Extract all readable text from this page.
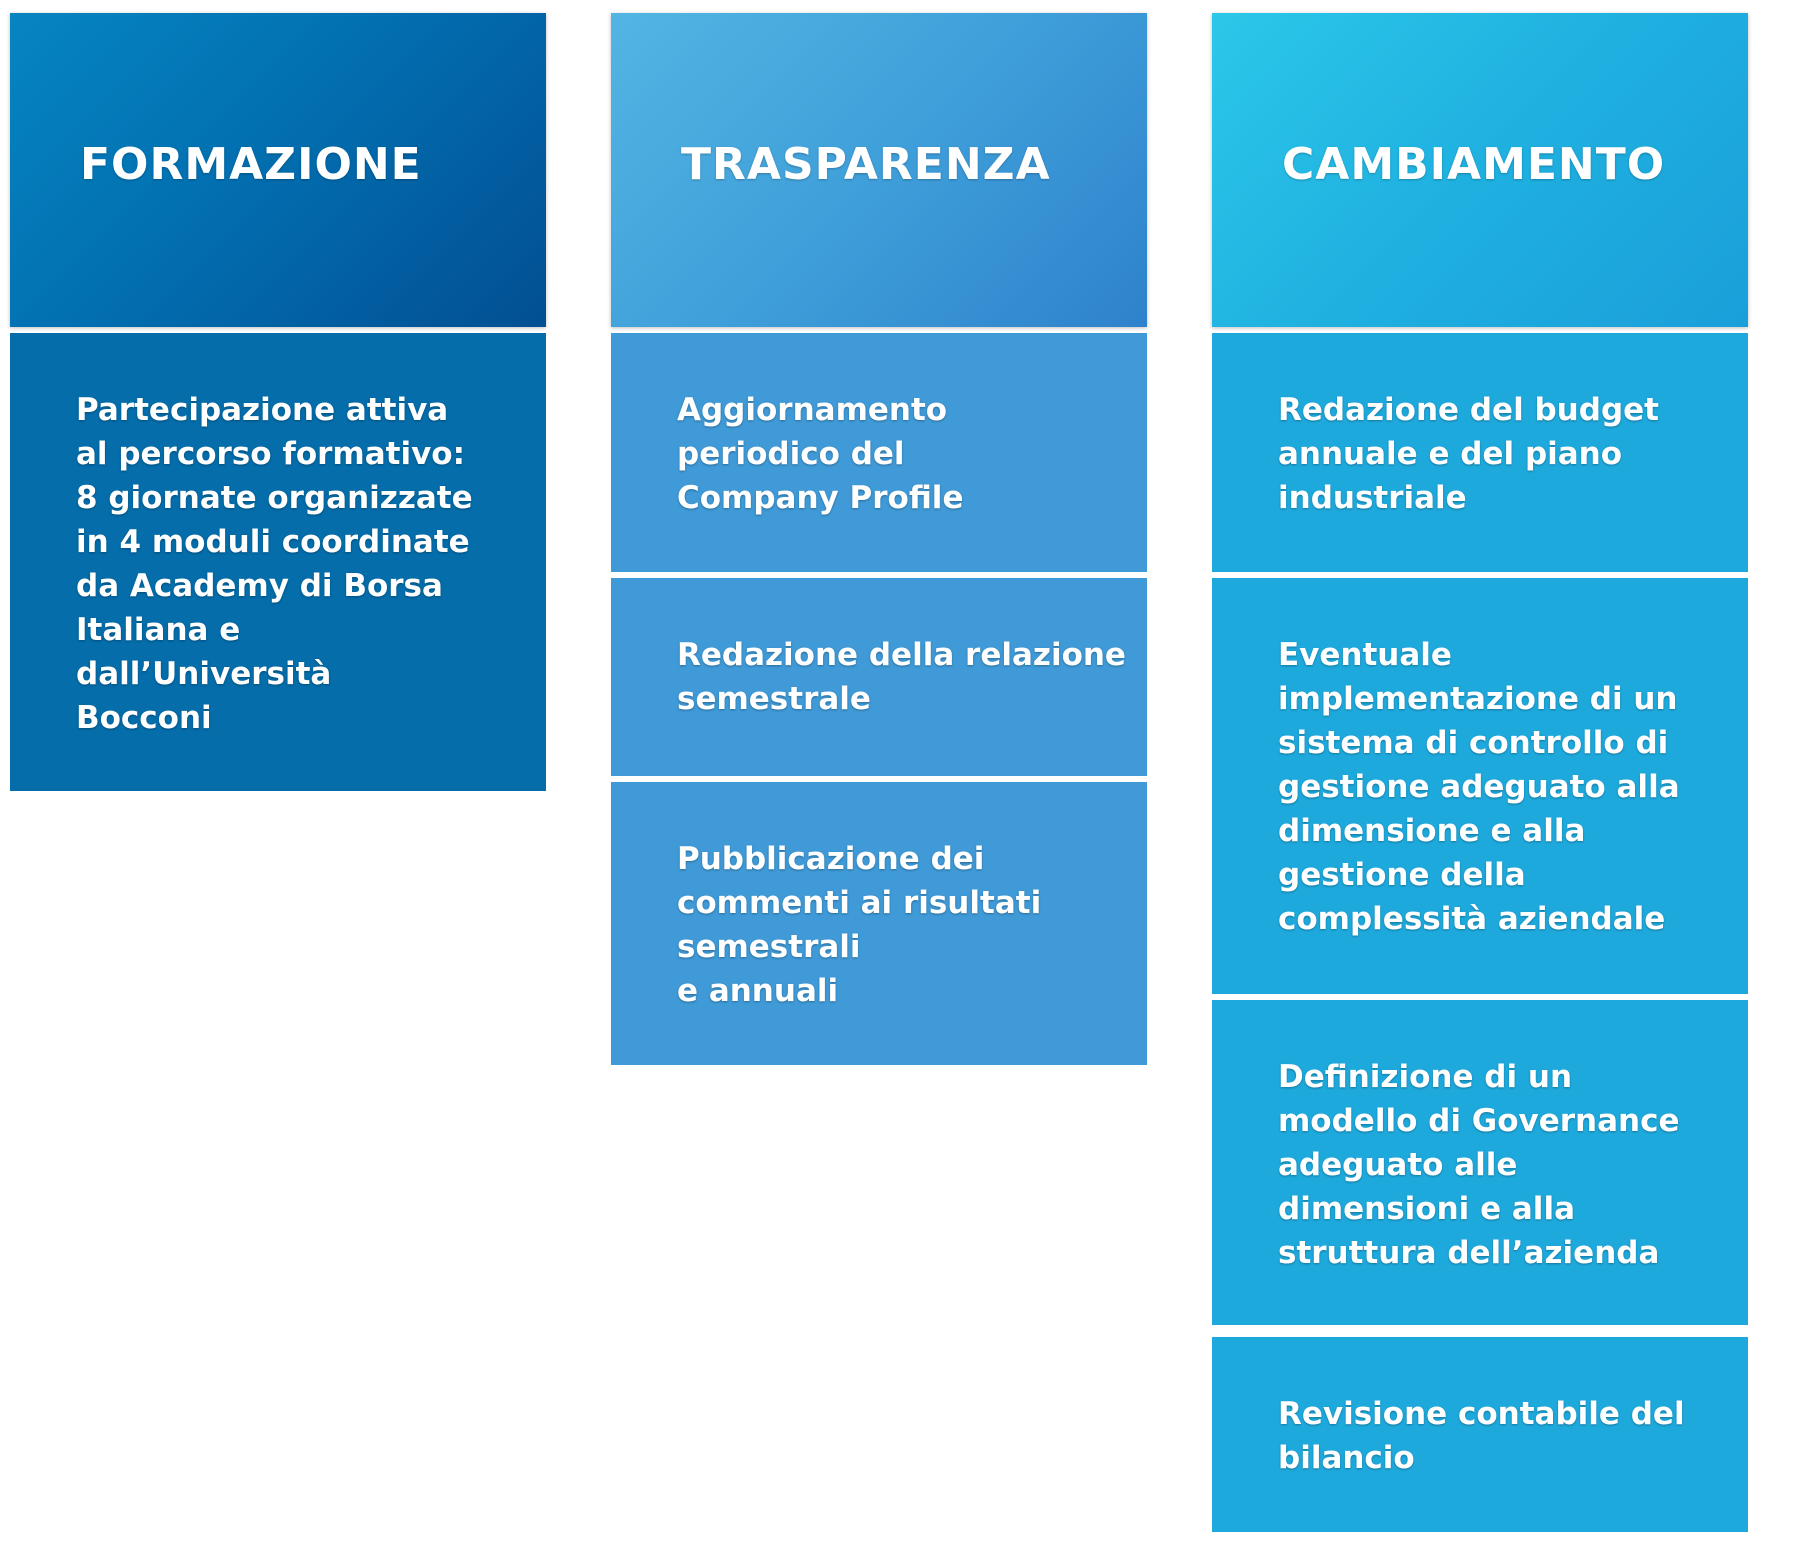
FORMAZIONE
Partecipazione attiva
al percorso formativo:
8 giornate organizzate
in 4 moduli coordinate
da Academy di Borsa
Italiana e
dall’Università
Bocconi
TRASPARENZA
Aggiornamento
periodico del
Company Profile
Redazione della relazione
semestrale
Pubblicazione dei
commenti ai risultati
semestrali
e annuali
CAMBIAMENTO
Redazione del budget
annuale e del piano
industriale
Eventuale
implementazione di un
sistema di controllo di
gestione adeguato alla
dimensione e alla
gestione della
complessità aziendale
Definizione di un
modello di Governance
adeguato alle
dimensioni e alla
struttura dell’azienda
Revisione contabile del
bilancio
